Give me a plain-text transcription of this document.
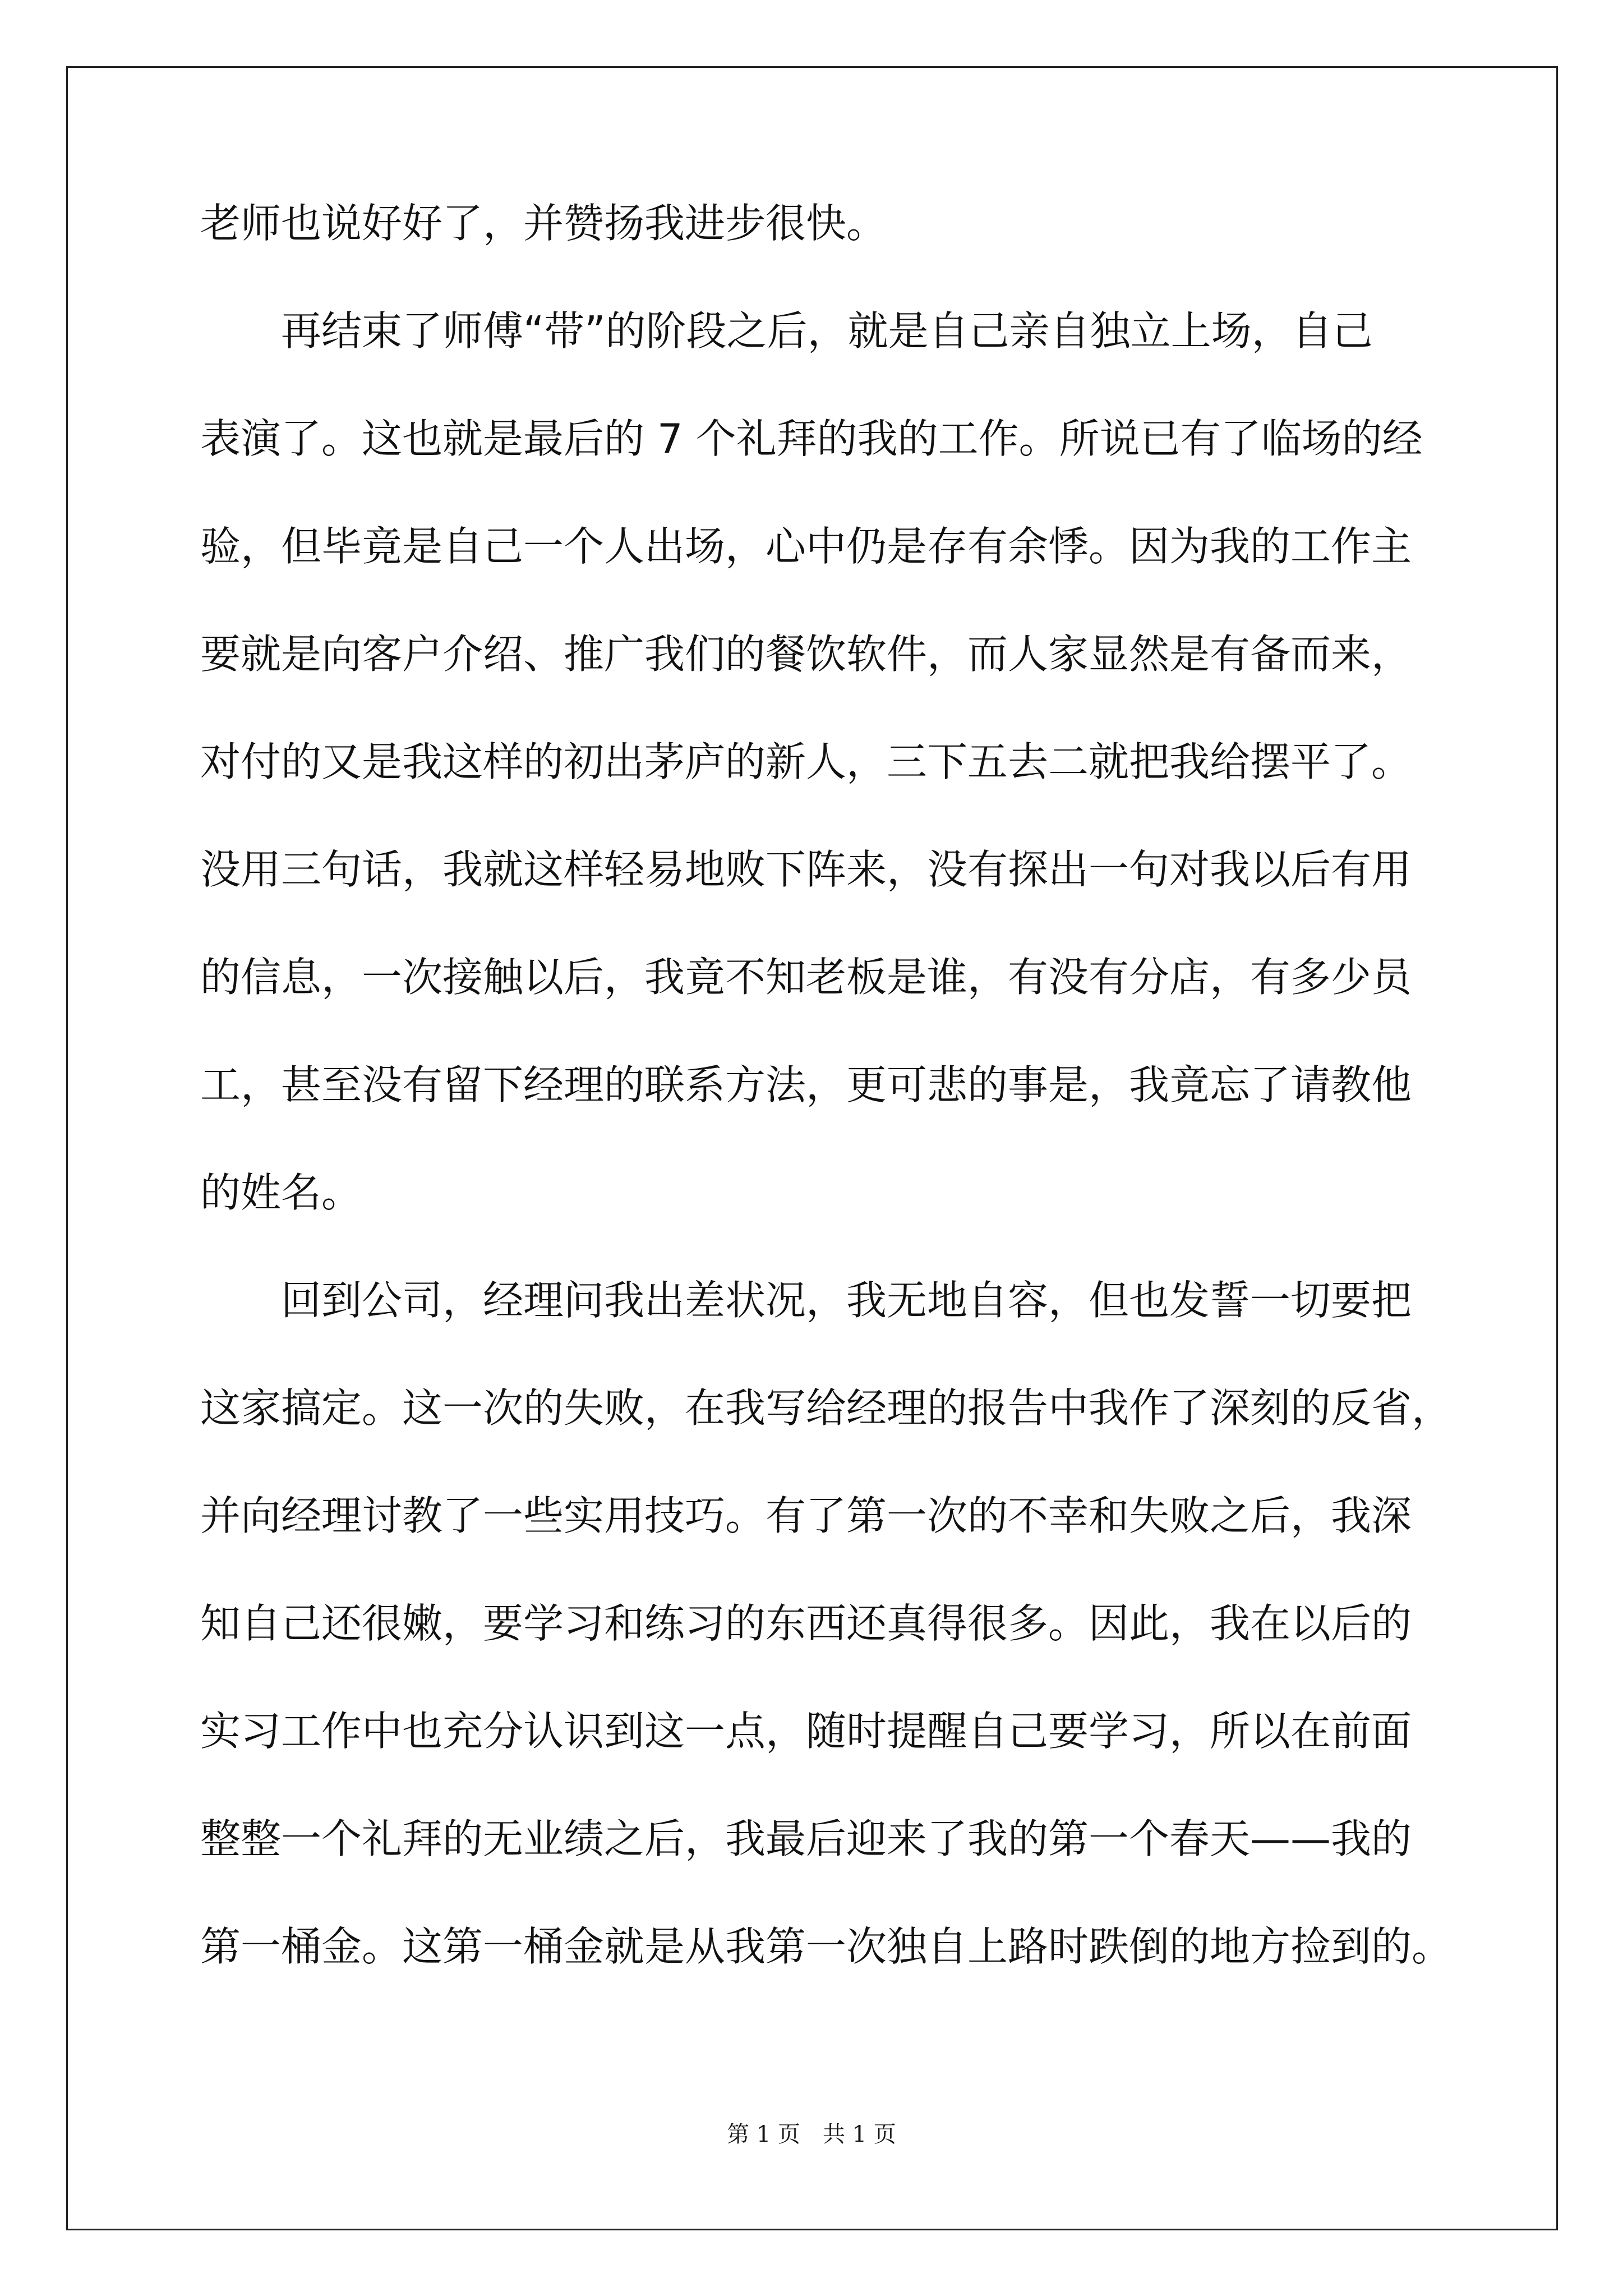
老师也说好好了，并赞扬我进步很快。
　　再结束了师傅“带”的阶段之后，就是自己亲自独立上场，自己
表演了。这也就是最后的 7 个礼拜的我的工作。所说已有了临场的经
验，但毕竟是自己一个人出场，心中仍是存有余悸。因为我的工作主
要就是向客户介绍、推广我们的餐饮软件，而人家显然是有备而来，
对付的又是我这样的初出茅庐的新人，三下五去二就把我给摆平了。
没用三句话，我就这样轻易地败下阵来，没有探出一句对我以后有用
的信息，一次接触以后，我竟不知老板是谁，有没有分店，有多少员
工，甚至没有留下经理的联系方法，更可悲的事是，我竟忘了请教他
的姓名。
　　回到公司，经理问我出差状况，我无地自容，但也发誓一切要把
这家搞定。这一次的失败，在我写给经理的报告中我作了深刻的反省，
并向经理讨教了一些实用技巧。有了第一次的不幸和失败之后，我深
知自己还很嫩，要学习和练习的东西还真得很多。因此，我在以后的
实习工作中也充分认识到这一点，随时提醒自己要学习，所以在前面
整整一个礼拜的无业绩之后，我最后迎来了我的第一个春天——我的
第一桶金。这第一桶金就是从我第一次独自上路时跌倒的地方捡到的。
第 1 页　共 1 页
